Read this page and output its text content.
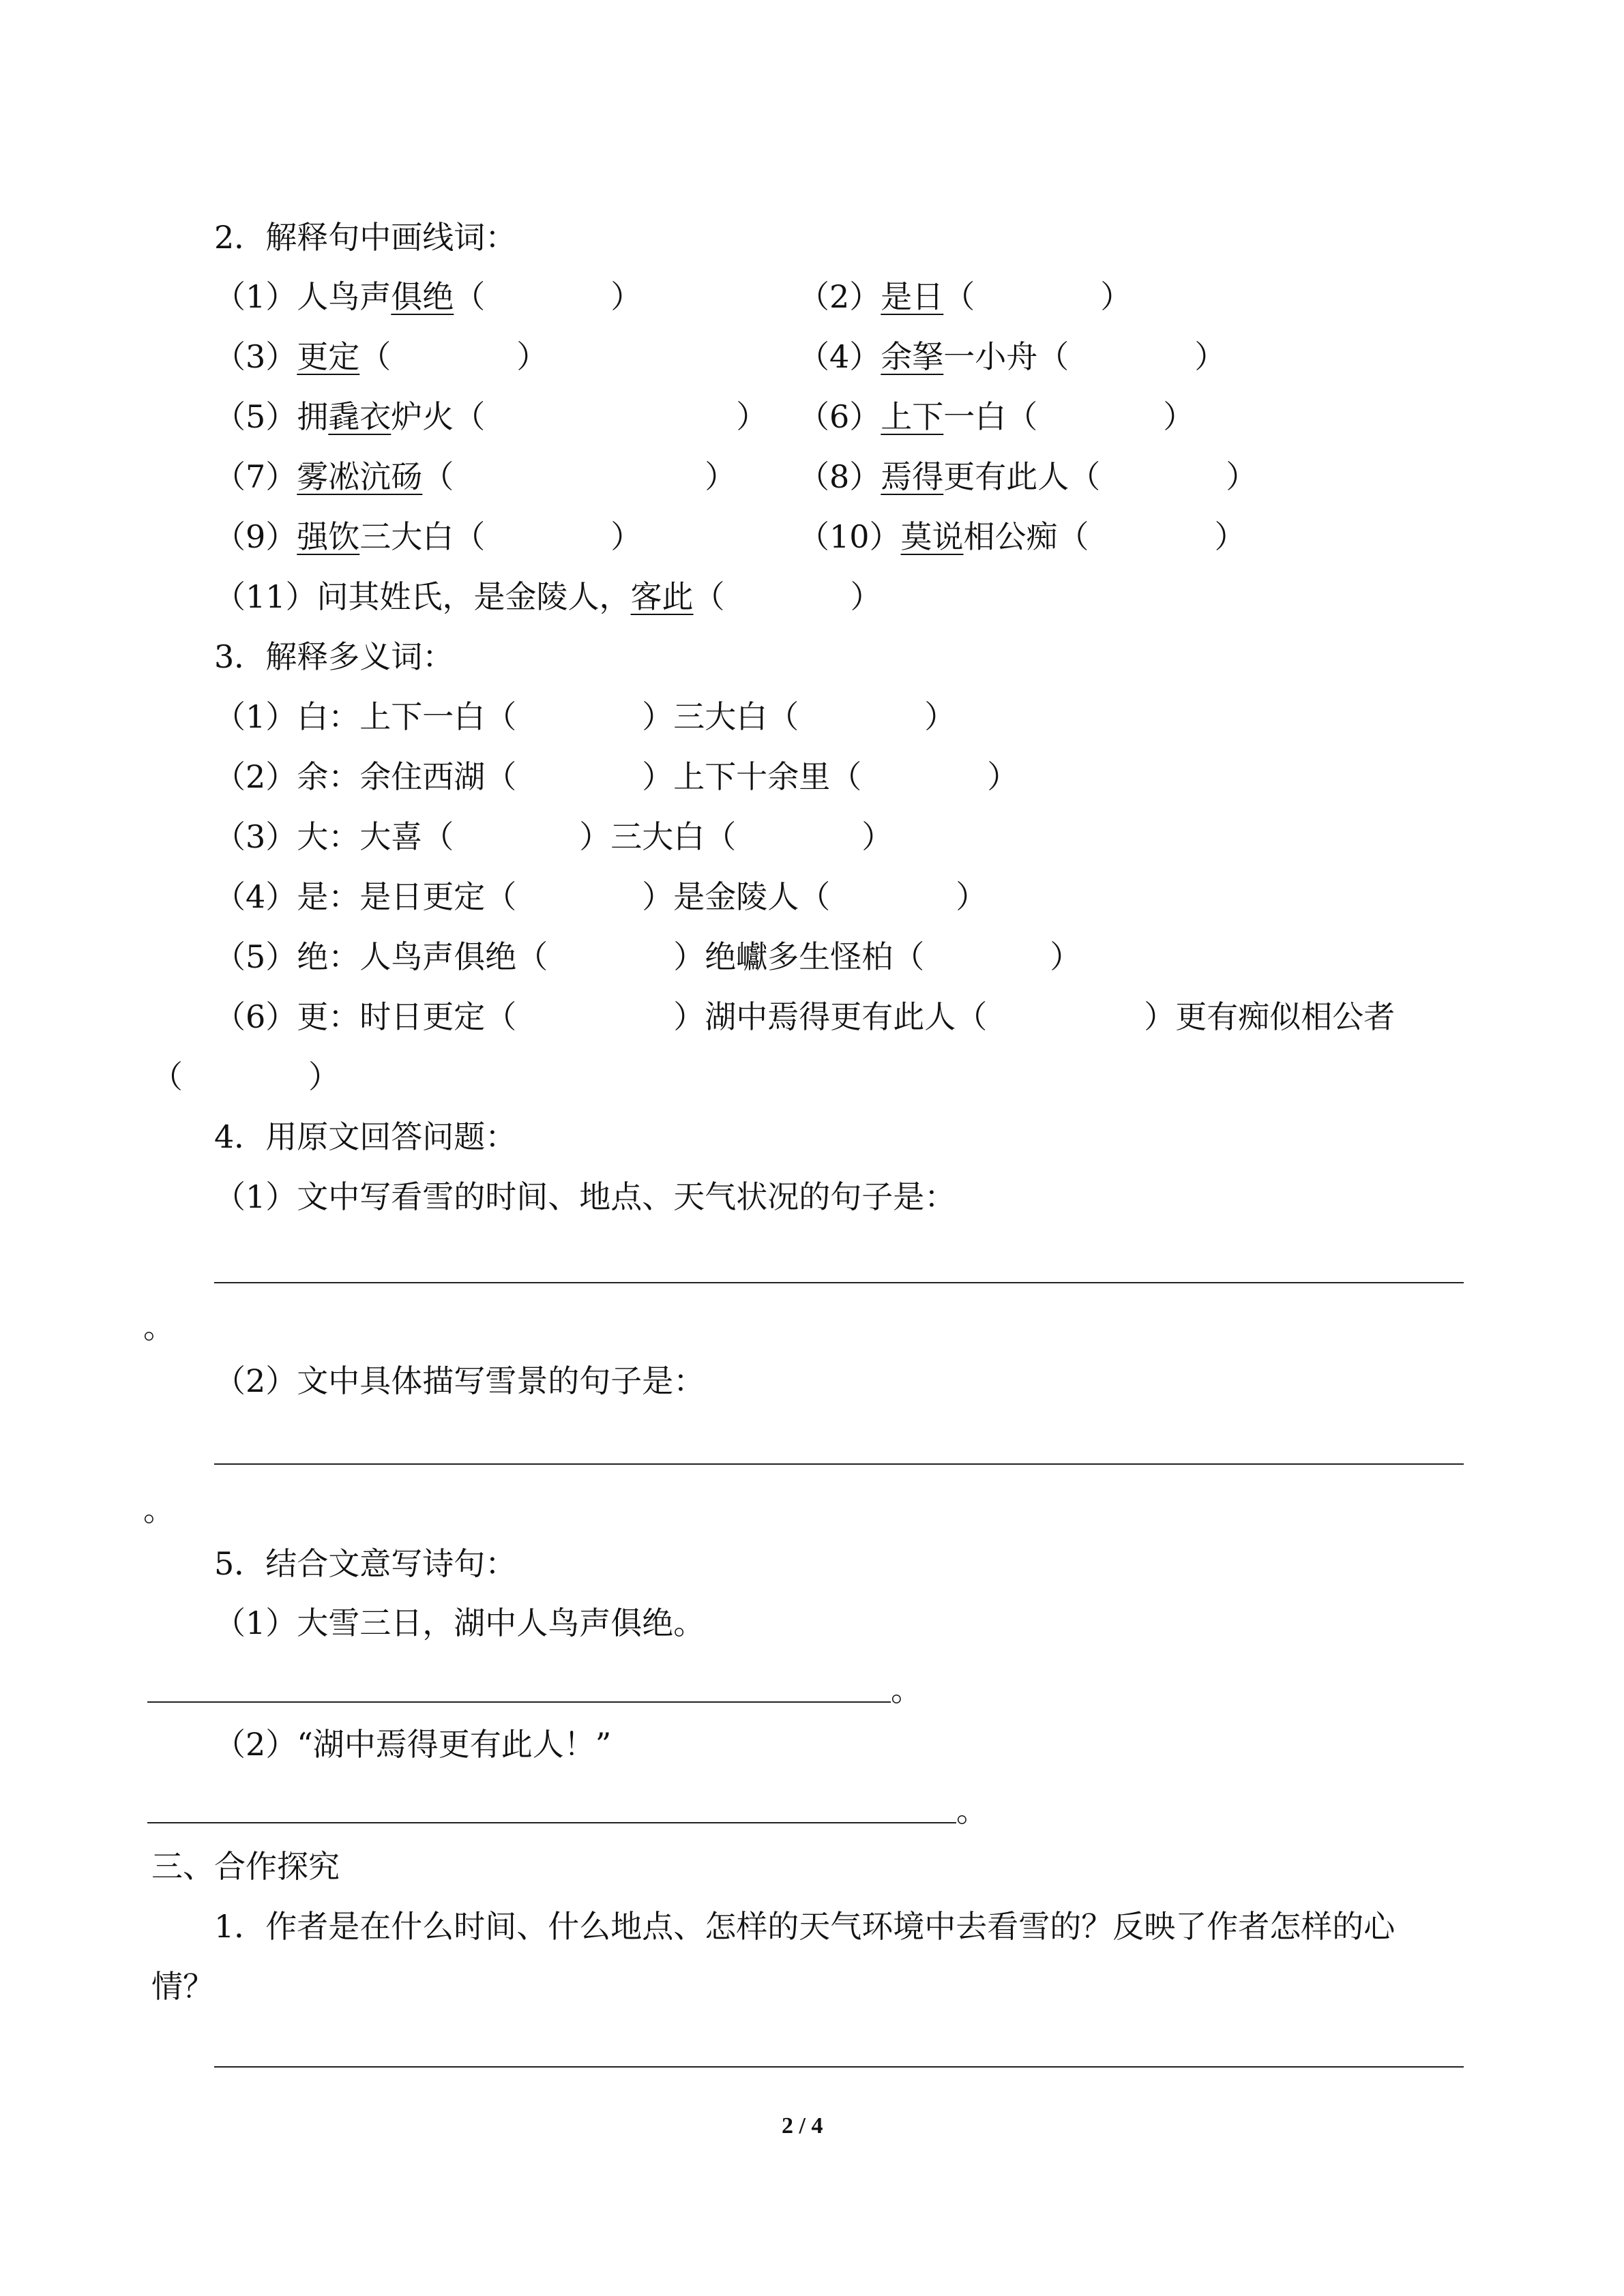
2．解释句中画线词：
（1）人鸟声俱绝（　　　　）	（2）是日（　　　　）
（3）更定（　　　　）	（4）余拏一小舟（　　　　）
（5）拥毳衣炉火（　　　　　　　　） （6）上下一白（　　　　）
（7）雾凇沆砀（　　　　　　　　） （8）焉得更有此人（　　　　）
（9）强饮三大白（　　　　）	（10）莫说相公痴（　　　　）
（11）问其姓氏，是金陵人，客此（　　　　）
3．解释多义词：
（1）白：上下一白（　　　　）三大白（　　　　）
（2）余：余住西湖（　　　　）上下十余里（　　　　）
（3）大：大喜（　　　　）三大白（　　　　）
（4）是：是日更定（　　　　）是金陵人（　　　　）
（5）绝：人鸟声俱绝（　　　　）绝巘多生怪柏（　　　　）
（6）更：时日更定（　　　　　）湖中焉得更有此人（　　　　　）更有痴似相公者
（　　　　）
4．用原文回答问题：
（1）文中写看雪的时间、地点、天气状况的句子是：
。
（2）文中具体描写雪景的句子是：
。
5．结合文意写诗句：
（1）大雪三日，湖中人鸟声俱绝。
。
（2）“湖中焉得更有此人！”
。
三、合作探究
1．作者是在什么时间、什么地点、怎样的天气环境中去看雪的？反映了作者怎样的心
情？
2 / 4
